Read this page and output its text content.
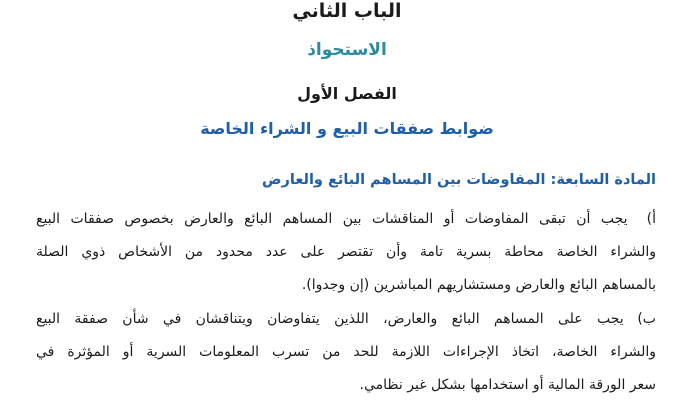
الباب الثاني
الاستحواذ
الفصل الأول
ضوابط صفقات البيع و الشراء الخاصة
المادة السابعة: المفاوضات بين المساهم البائع والعارض
أ) يجب أن تبقى المفاوضات أو المناقشات بين المساهم البائع والعارض بخصوص صفقات البيع
والشراء الخاصة محاطة بسرية تامة وأن تقتصر على عدد محدود من الأشخاص ذوي الصلة
بالمساهم البائع والعارض ومستشاريهم المباشرين (إن وجدوا).
ب) يجب على المساهم البائع والعارض، اللذين يتفاوضان ويتناقشان في شأن صفقة البيع
والشراء الخاصة، اتخاذ الإجراءات اللازمة للحد من تسرب المعلومات السرية أو المؤثرة في
سعر الورقة المالية أو استخدامها بشكل غير نظامي.
